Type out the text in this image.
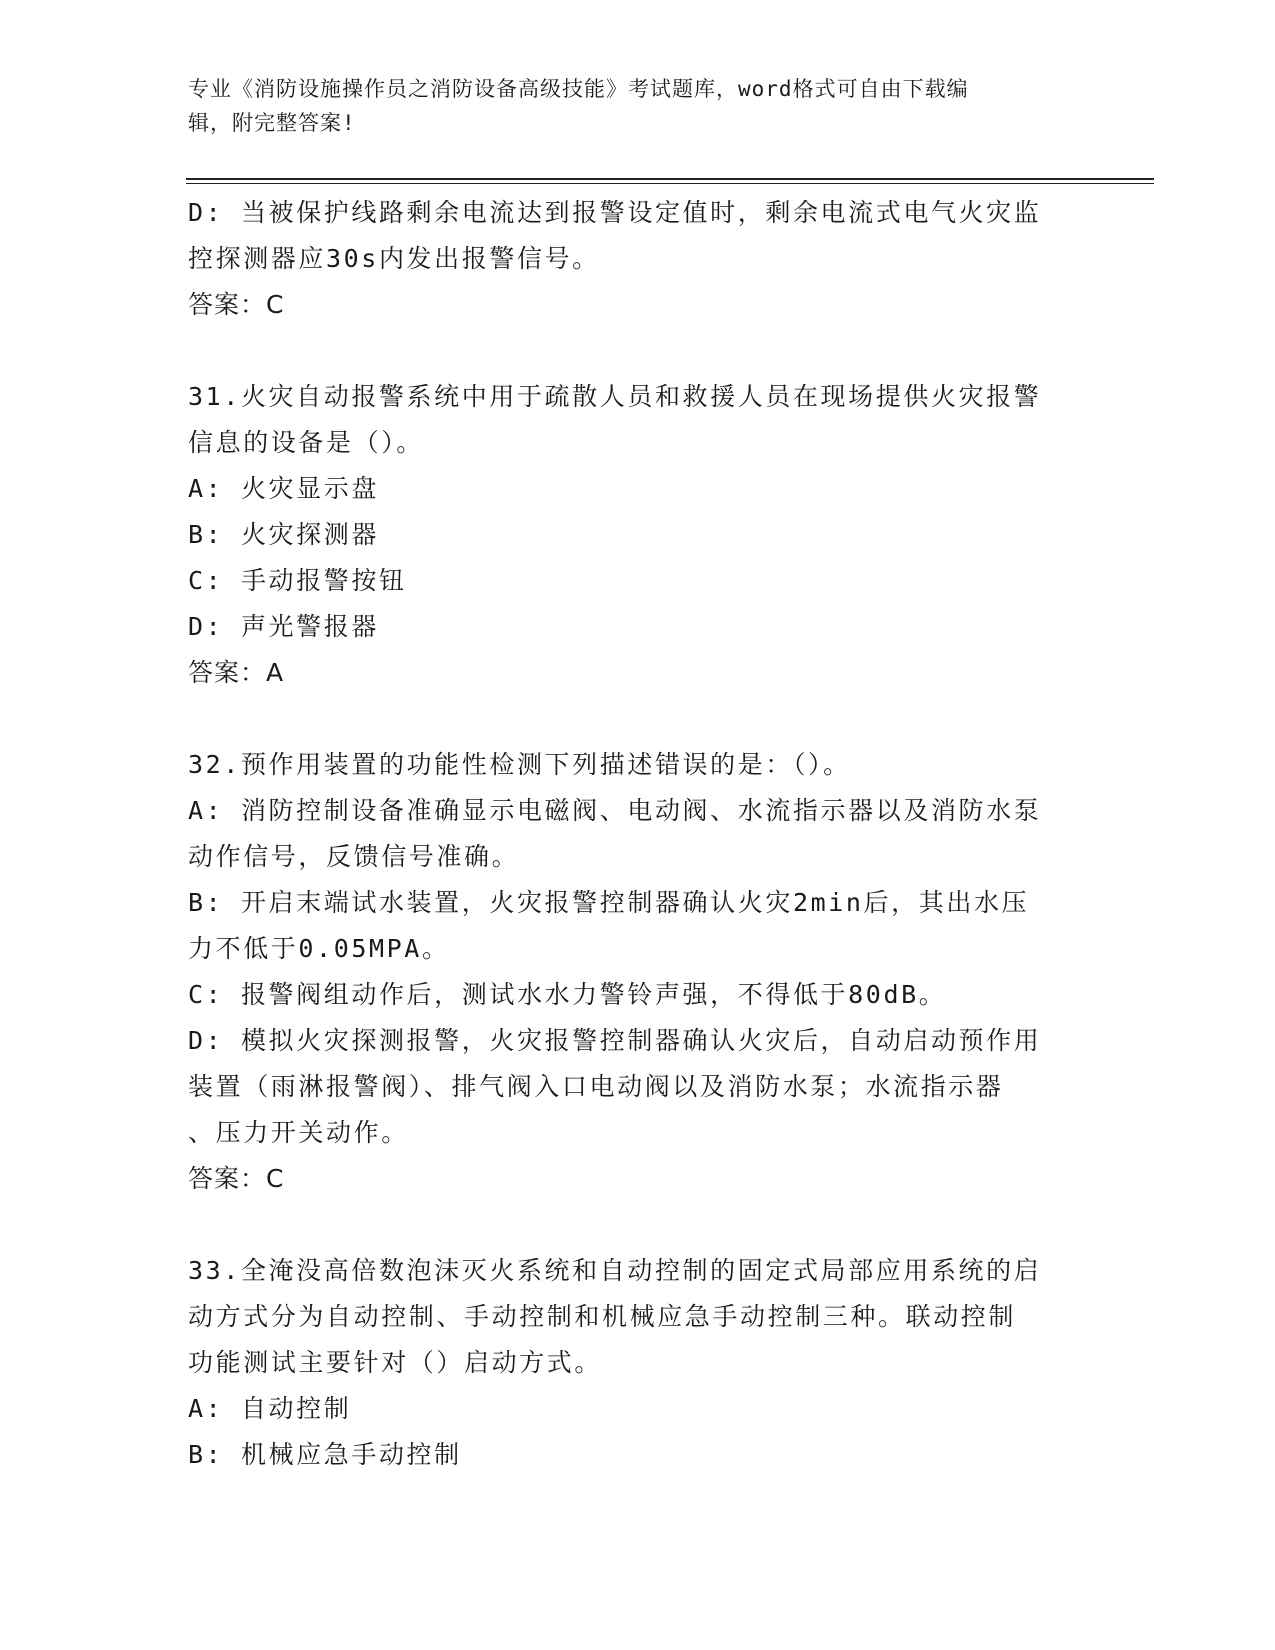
专业《消防设施操作员之消防设备高级技能》考试题库，word格式可自由下载编
辑，附完整答案!
D: 当被保护线路剩余电流达到报警设定值时，剩余电流式电气火灾监
控探测器应30s内发出报警信号。
答案：C
31.火灾自动报警系统中用于疏散人员和救援人员在现场提供火灾报警
信息的设备是（）。
A: 火灾显示盘
B: 火灾探测器
C: 手动报警按钮
D: 声光警报器
答案：A
32.预作用装置的功能性检测下列描述错误的是：（）。
A: 消防控制设备准确显示电磁阀、电动阀、水流指示器以及消防水泵
动作信号，反馈信号准确。
B: 开启末端试水装置，火灾报警控制器确认火灾2min后，其出水压
力不低于0.05MPA。
C: 报警阀组动作后，测试水水力警铃声强，不得低于80dB。
D: 模拟火灾探测报警，火灾报警控制器确认火灾后，自动启动预作用
装置（雨淋报警阀）、排气阀入口电动阀以及消防水泵；水流指示器
、压力开关动作。
答案：C
33.全淹没高倍数泡沫灭火系统和自动控制的固定式局部应用系统的启
动方式分为自动控制、手动控制和机械应急手动控制三种。联动控制
功能测试主要针对（）启动方式。
A: 自动控制
B: 机械应急手动控制
